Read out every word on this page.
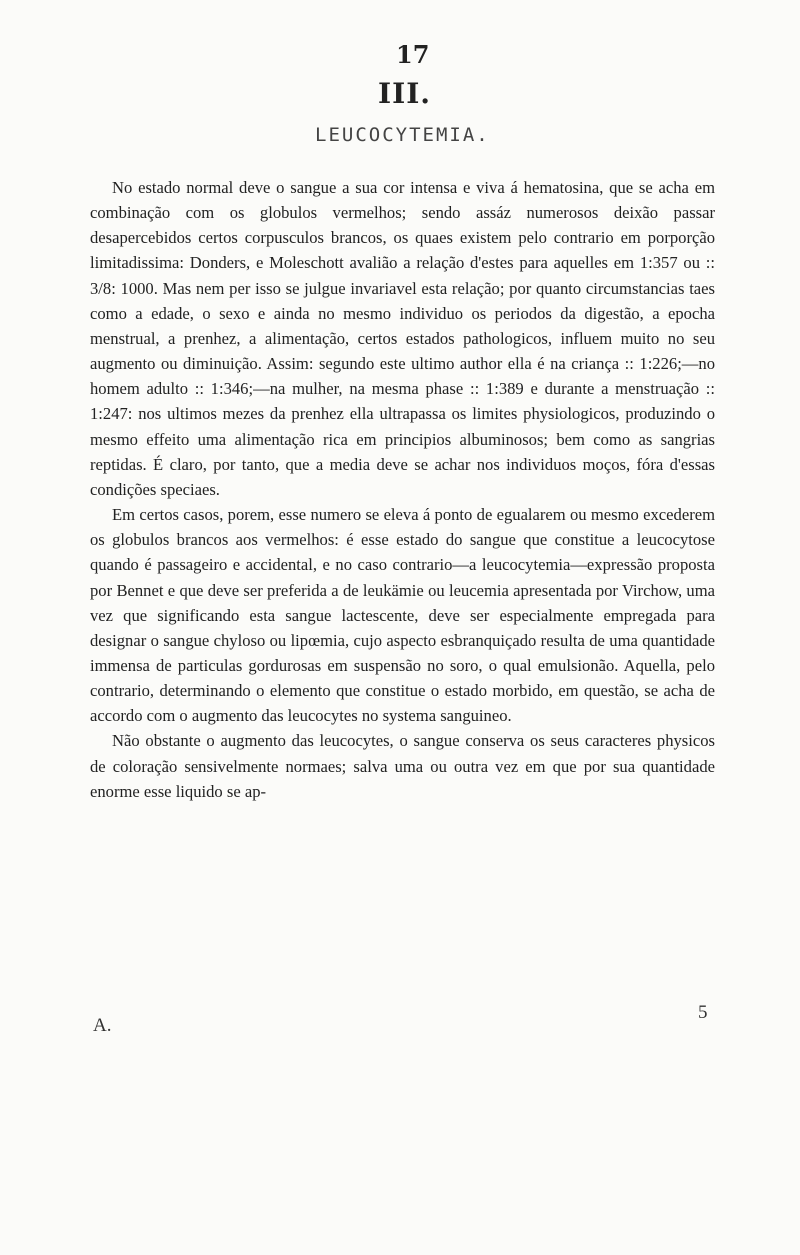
17
III.
LEUCOCYTEMIA.

No estado normal deve o sangue a sua cor intensa e viva á hematosina, que se acha em combinação com os globulos vermelhos; sendo assáz numerosos deixão passar desapercebidos certos corpusculos brancos, os quaes existem pelo contrario em porporção limitadissima: Donders, e Moleschott avalião a relação d'estes para aquelles em 1:357 ou :: 3/8: 1000. Mas nem per isso se julgue invariavel esta relação; por quanto circumstancias taes como a edade, o sexo e ainda no mesmo individuo os periodos da digestão, a epocha menstrual, a prenhez, a alimentação, certos estados pathologicos, influem muito no seu augmento ou diminuição. Assim: segundo este ultimo author ella é na criança :: 1:226;—no homem adulto :: 1:346;—na mulher, na mesma phase :: 1:389 e durante a menstruação :: 1:247: nos ultimos mezes da prenhez ella ultrapassa os limites physiologicos, produzindo o mesmo effeito uma alimentação rica em principios albuminosos; bem como as sangrias reptidas. É claro, por tanto, que a media deve se achar nos individuos moços, fóra d'essas condições speciaes.

Em certos casos, porem, esse numero se eleva á ponto de egualarem ou mesmo excederem os globulos brancos aos vermelhos: é esse estado do sangue que constitue a leucocytose quando é passageiro e accidental, e no caso contrario—a leucocytemia—expressão proposta por Bennet e que deve ser preferida a de leukämie ou leucemia apresentada por Virchow, uma vez que significando esta sangue lactescente, deve ser especialmente empregada para designar o sangue chyloso ou lipœmia, cujo aspecto esbranquiçado resulta de uma quantidade immensa de particulas gordurosas em suspensão no soro, o qual emulsionão. Aquella, pelo contrario, determinando o elemento que constitue o estado morbido, em questão, se acha de accordo com o augmento das leucocytes no systema sanguineo.

Não obstante o augmento das leucocytes, o sangue conserva os seus caracteres physicos de coloração sensivelmente normaes; salva uma ou outra vez em que por sua quantidade enorme esse liquido se ap-

A.
5
